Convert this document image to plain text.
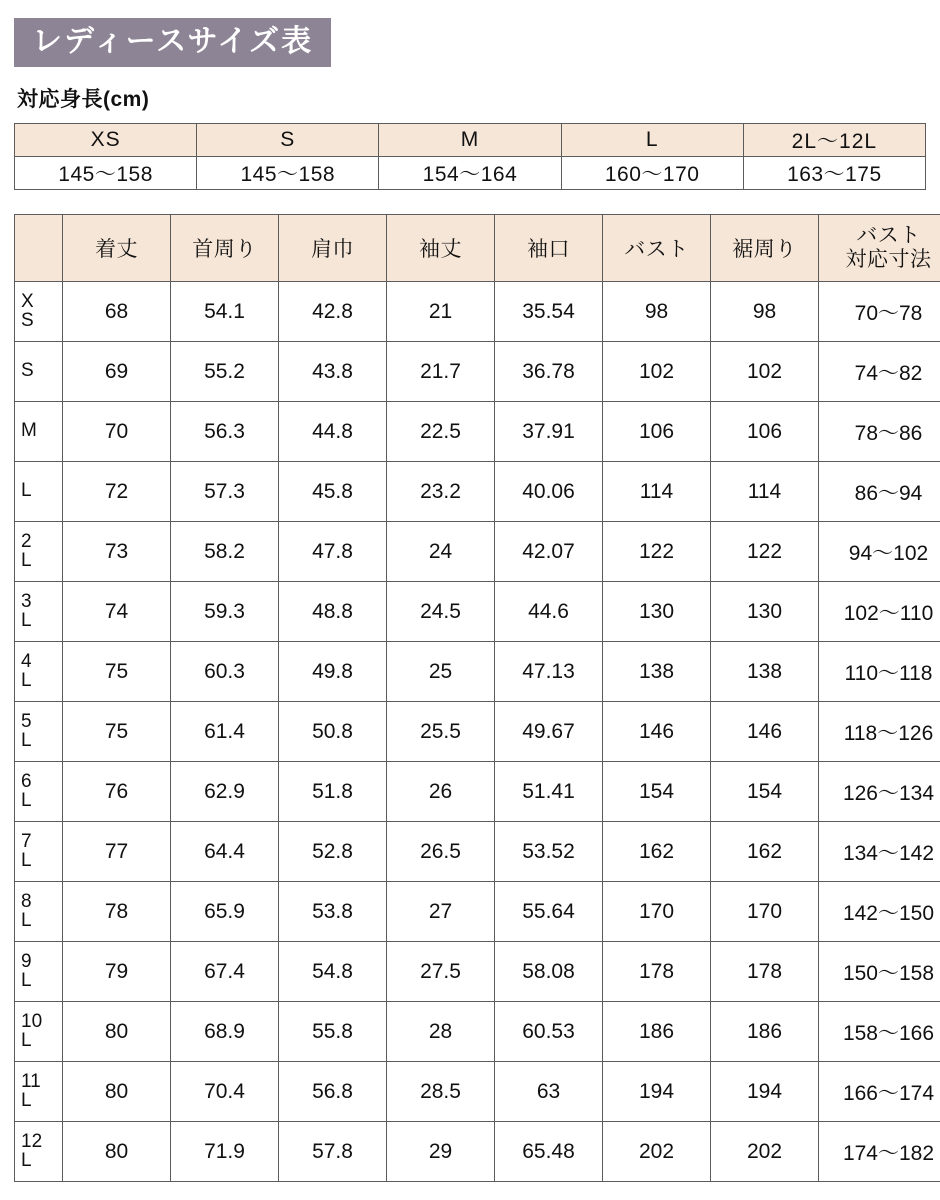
レディースサイズ表
対応身長(cm)
XS	S	M	L	2L〜12L
145〜158	145〜158	154〜164	160〜170	163〜175
	着丈	首周り	肩巾	袖丈	袖口	バスト	裾周り	バスト
対応寸法

X
S	68	54.1	42.8	21	35.54	98	98	70〜78

S	69	55.2	43.8	21.7	36.78	102	102	74〜82

M	70	56.3	44.8	22.5	37.91	106	106	78〜86

L	72	57.3	45.8	23.2	40.06	114	114	86〜94

2
L	73	58.2	47.8	24	42.07	122	122	94〜102

3
L	74	59.3	48.8	24.5	44.6	130	130	102〜110

4
L	75	60.3	49.8	25	47.13	138	138	110〜118

5
L	75	61.4	50.8	25.5	49.67	146	146	118〜126

6
L	76	62.9	51.8	26	51.41	154	154	126〜134

7
L	77	64.4	52.8	26.5	53.52	162	162	134〜142

8
L	78	65.9	53.8	27	55.64	170	170	142〜150

9
L	79	67.4	54.8	27.5	58.08	178	178	150〜158

10
L	80	68.9	55.8	28	60.53	186	186	158〜166

11
L	80	70.4	56.8	28.5	63	194	194	166〜174

12
L	80	71.9	57.8	29	65.48	202	202	174〜182
